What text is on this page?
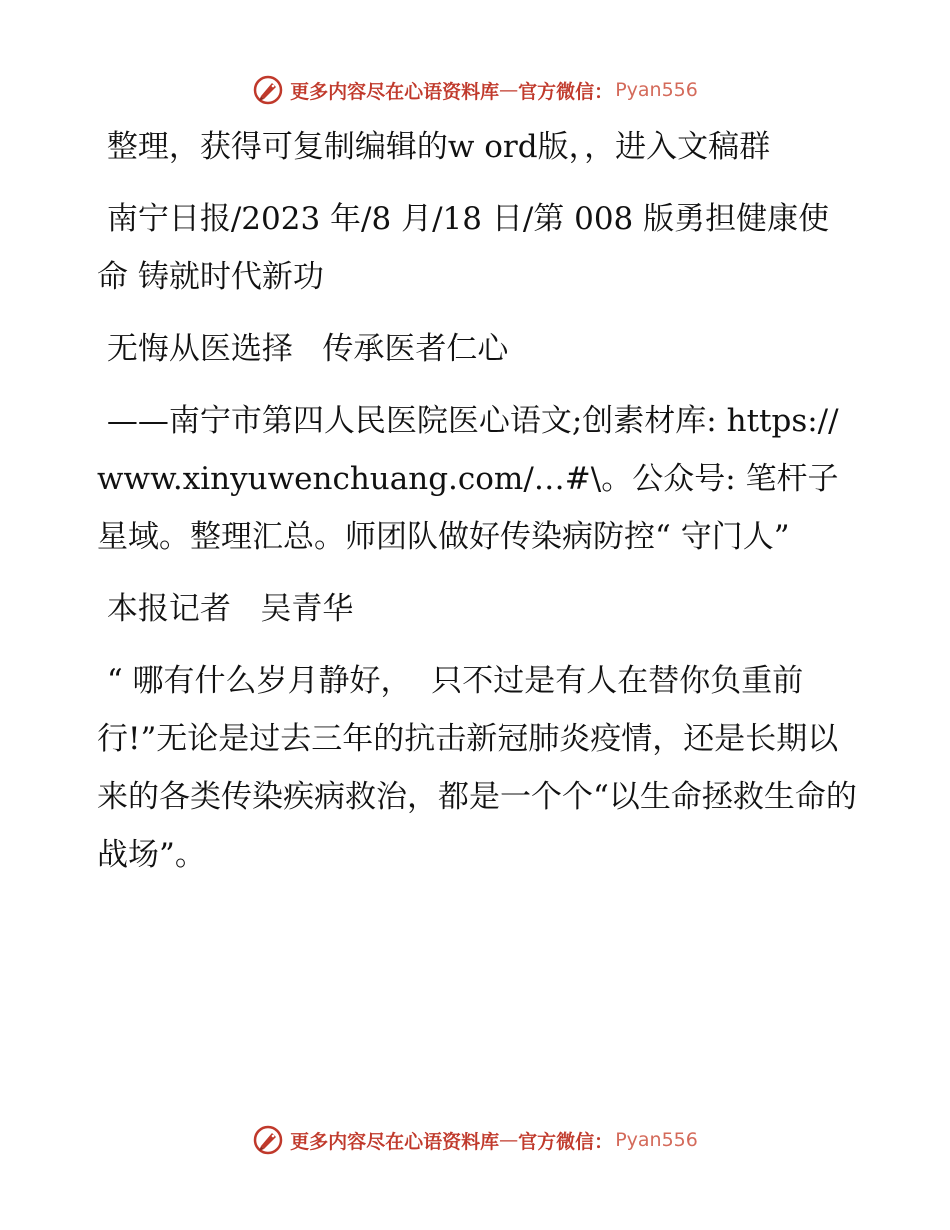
更多内容尽在心语资料库 — 官方微信： Pyan556

整理，获得可复制编辑的w ord版，，进入文稿群

南宁日报/2023 年/8 月/18 日/第 008 版勇担健康使命 铸就时代新功

无悔从医选择   传承医者仁心

——南宁市第四人民医院医心语文;创素材库: https://www.xinyuwenchuang.com/…#\。公众号: 笔杆子星域。整理汇总。师团队做好传染病防控“ 守门人”

本报记者   吴青华

“ 哪有什么岁月静好，  只不过是有人在替你负重前行!”无论是过去三年的抗击新冠肺炎疫情，还是长期以来的各类传染疾病救治，都是一个个“以生命拯救生命的战场”。

更多内容尽在心语资料库 — 官方微信： Pyan556
